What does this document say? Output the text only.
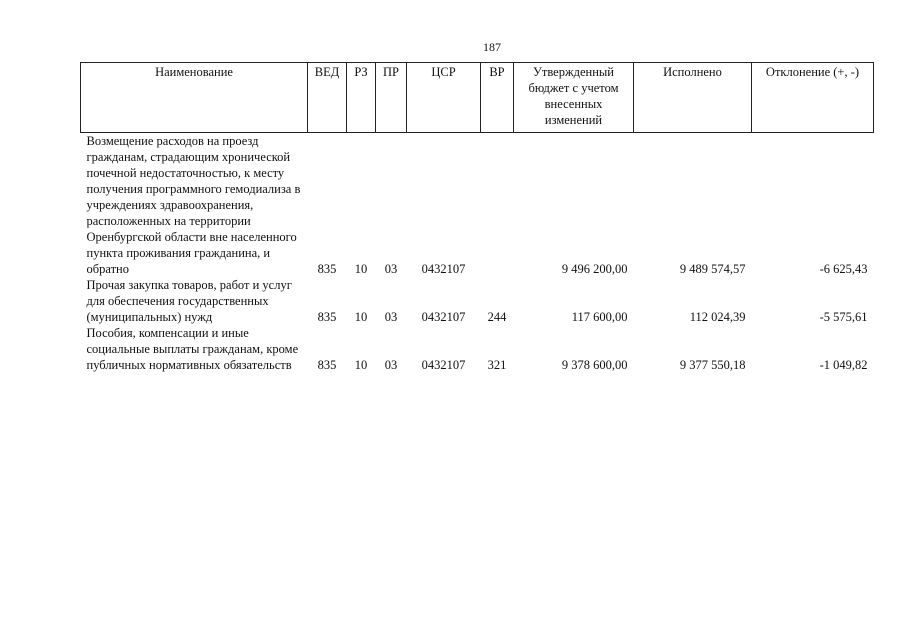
187
Наименование	ВЕД	РЗ	ПР	ЦСР	ВР	Утвержденный бюджет с учетом внесенных изменений	Исполнено	Отклонение (+, -)
Возмещение расходов на проезд гражданам, страдающим хронической почечной недостаточностью, к месту получения программного гемодиализа в учреждениях здравоохранения, расположенных на территории Оренбургской области вне населенного пункта проживания гражданина, и обратно	835	10	03	0432107		9 496 200,00	9 489 574,57	-6 625,43
Прочая закупка товаров, работ и услуг для обеспечения государственных (муниципальных) нужд	835	10	03	0432107	244	117 600,00	112 024,39	-5 575,61
Пособия, компенсации и иные социальные выплаты гражданам, кроме публичных нормативных обязательств	835	10	03	0432107	321	9 378 600,00	9 377 550,18	-1 049,82
